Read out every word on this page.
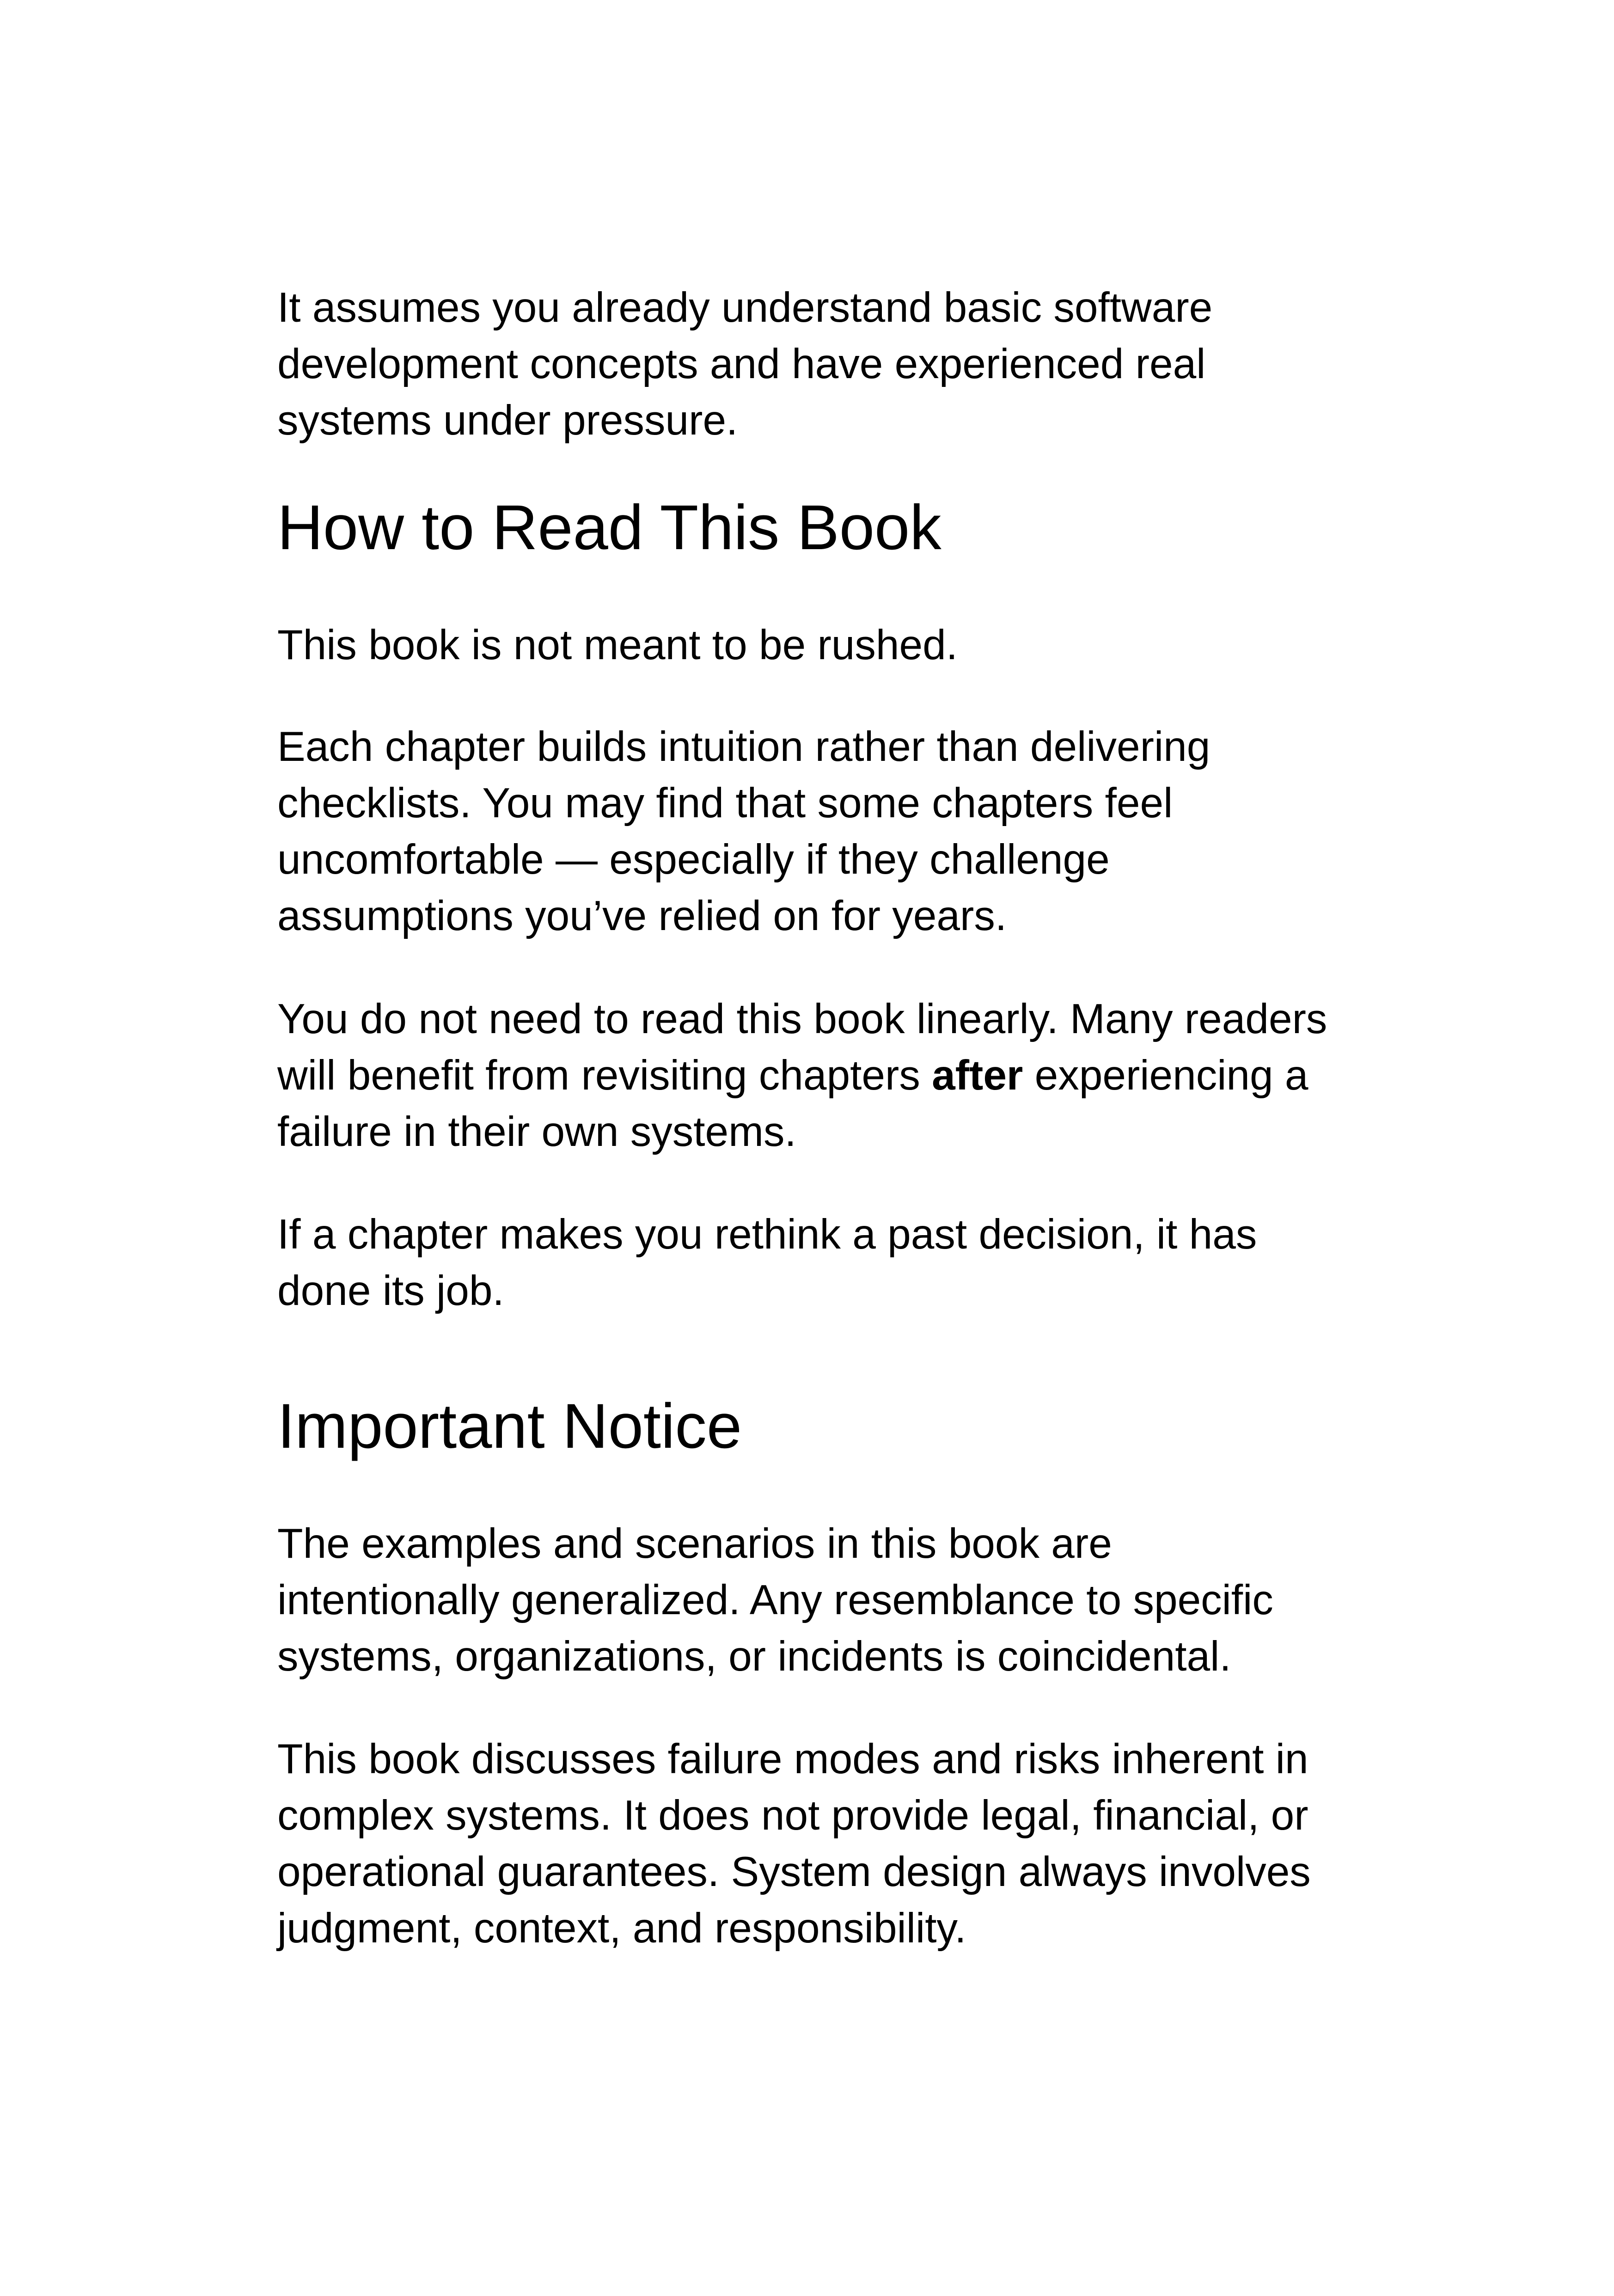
It assumes you already understand basic software
development concepts and have experienced real
systems under pressure.

How to Read This Book

This book is not meant to be rushed.

Each chapter builds intuition rather than delivering
checklists. You may find that some chapters feel
uncomfortable — especially if they challenge
assumptions you’ve relied on for years.

You do not need to read this book linearly. Many readers
will benefit from revisiting chapters after experiencing a
failure in their own systems.

If a chapter makes you rethink a past decision, it has
done its job.

Important Notice

The examples and scenarios in this book are
intentionally generalized. Any resemblance to specific
systems, organizations, or incidents is coincidental.

This book discusses failure modes and risks inherent in
complex systems. It does not provide legal, financial, or
operational guarantees. System design always involves
judgment, context, and responsibility.
